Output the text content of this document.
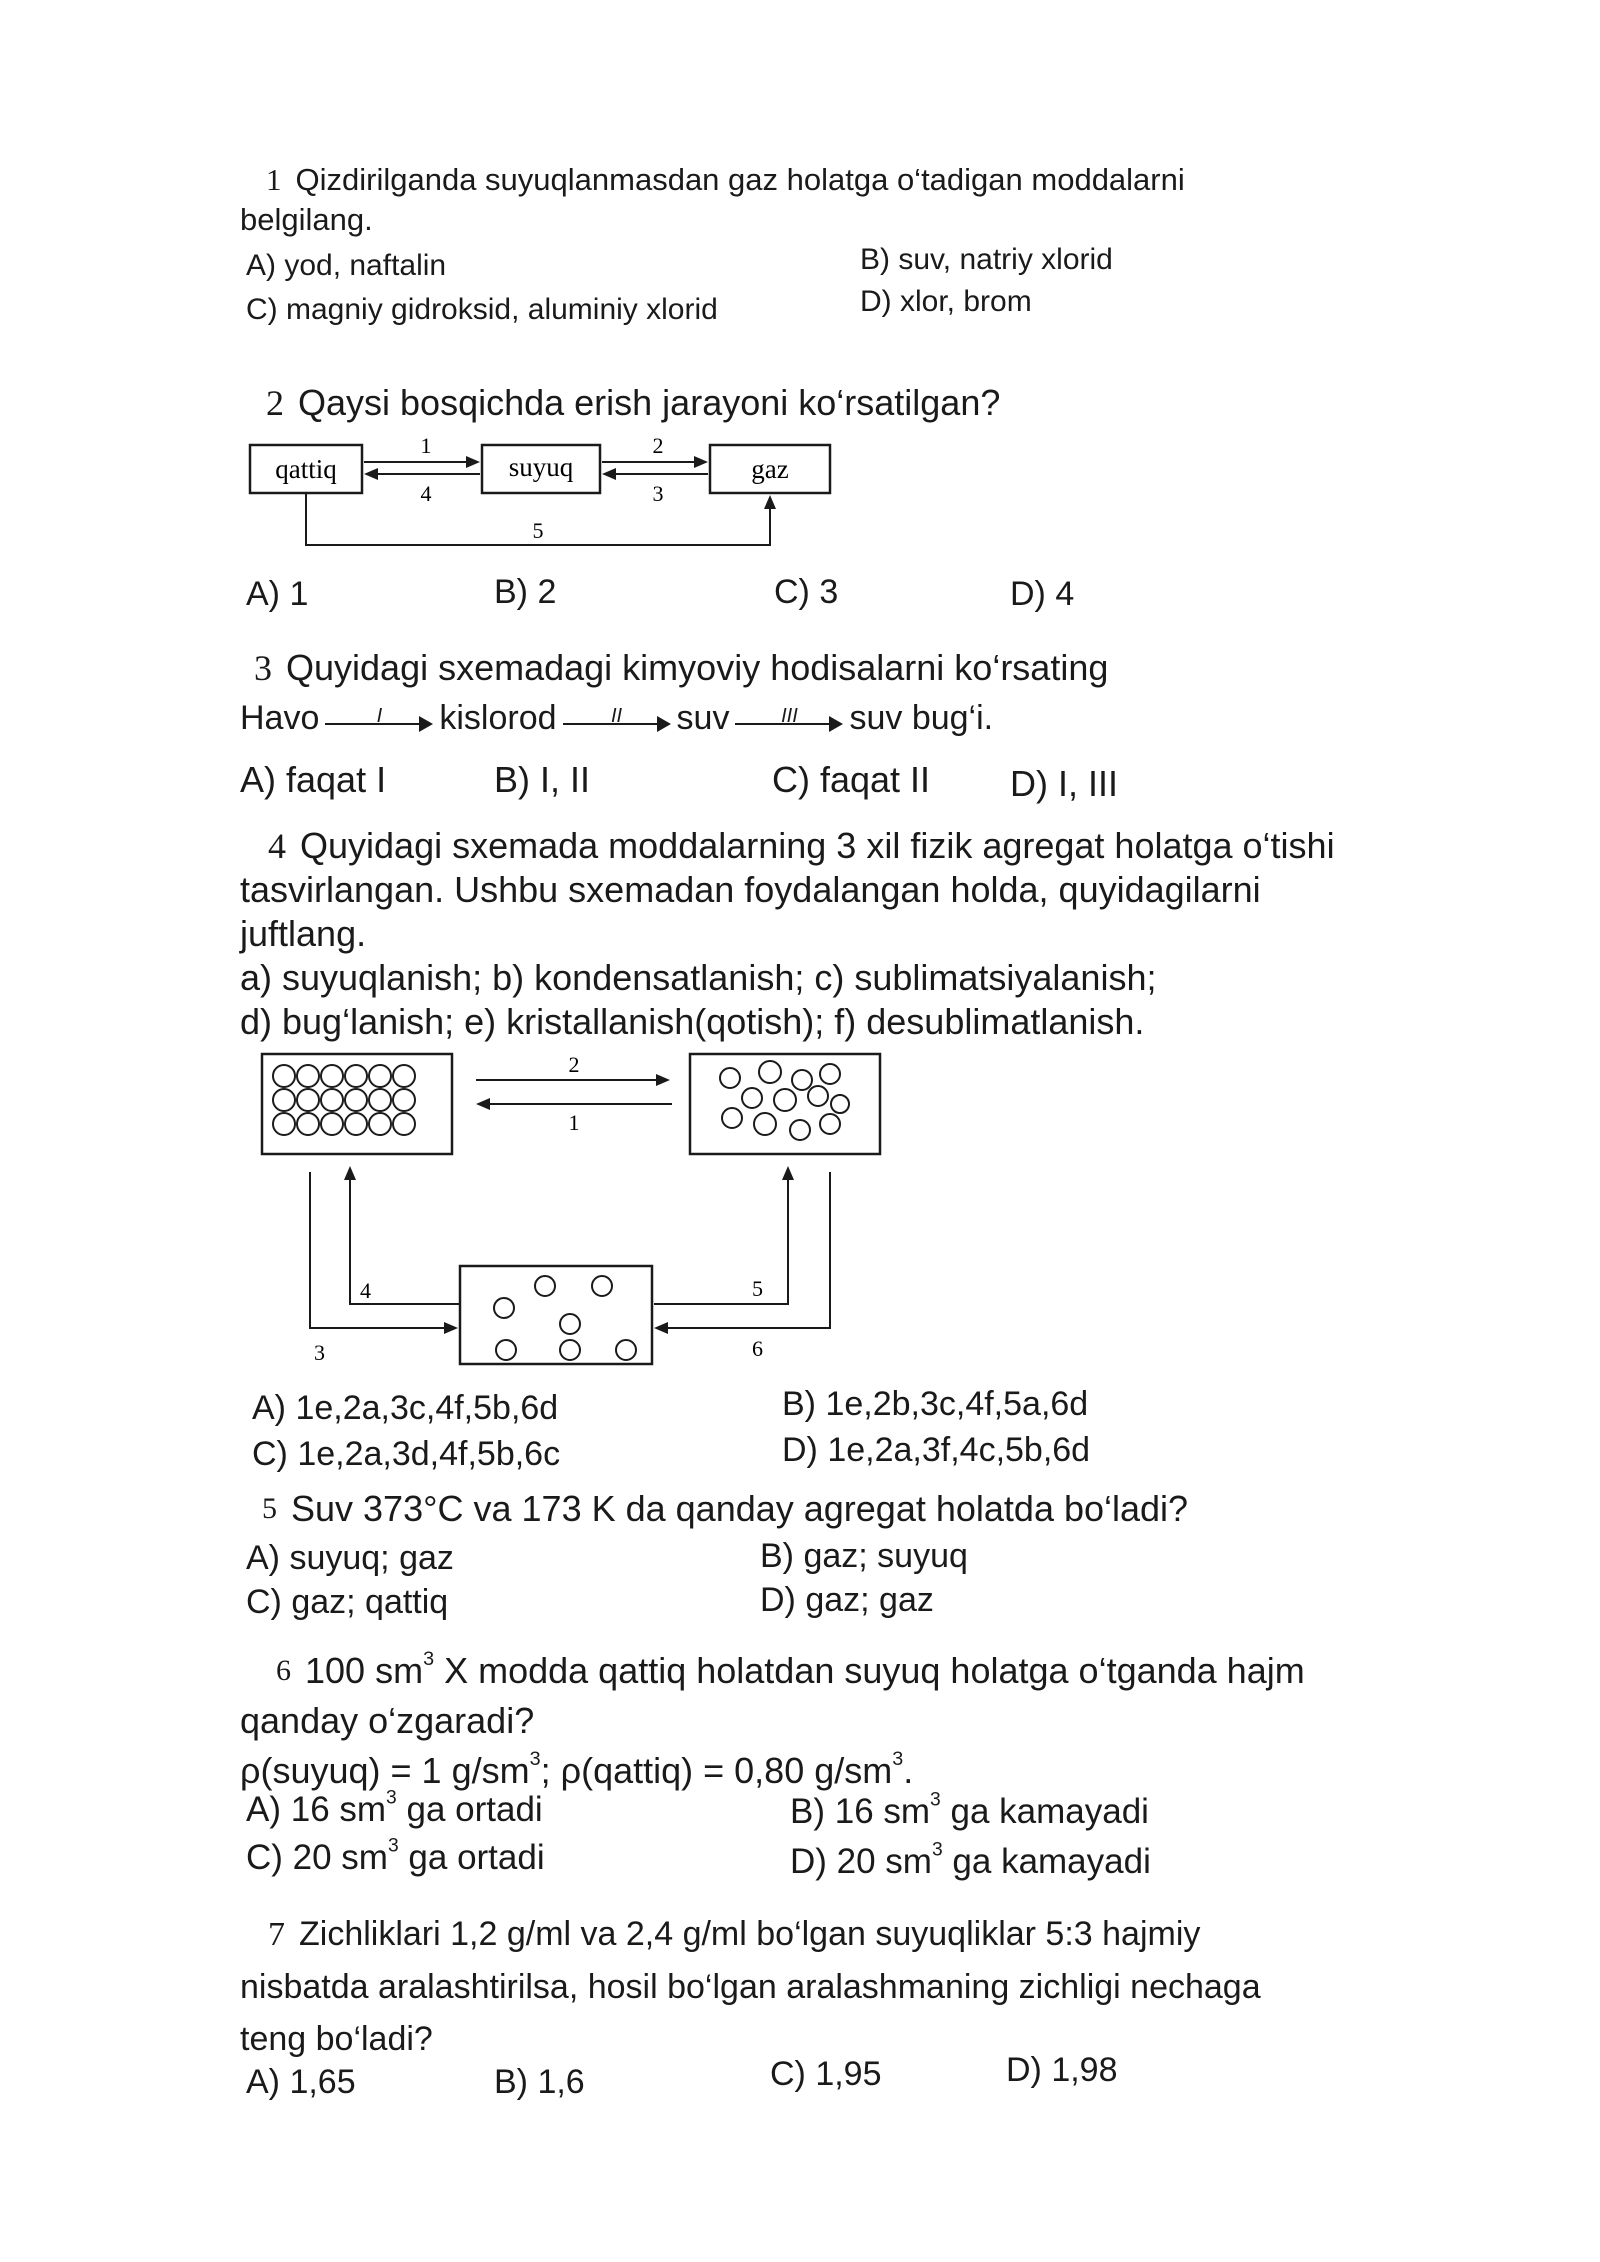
1 Qizdirilganda suyuqlanmasdan gaz holatga o‘tadigan moddalarni
belgilang.
A) yod, naftalin	B) suv, natriy xlorid
C) magniy gidroksid, aluminiy xlorid	D) xlor, brom
2 Qaysi bosqichda erish jarayoni ko‘rsatilgan?
qattiq	suyuq	gaz
1
4
2
3
5
A) 1	B) 2	C) 3	D) 4
3 Quyidagi sxemadagi kimyoviy hodisalarni ko‘rsating
Havo	I	kislorod	II	suv	III	suv bug‘i.
A) faqat I	B) I, II	C) faqat II D) I, III
4 Quyidagi sxemada moddalarning 3 xil fizik agregat holatga o‘tishi
tasvirlangan. Ushbu sxemadan foydalangan holda, quyidagilarni
juftlang.
a) suyuqlanish; b) kondensatlanish; c) sublimatsiyalanish;
d) bug‘lanish; e) kristallanish(qotish); f) desublimatlanish.
2
1
4
3
5
6
A) 1e,2a,3c,4f,5b,6d	B) 1e,2b,3c,4f,5a,6d
C) 1e,2a,3d,4f,5b,6c	D) 1e,2a,3f,4c,5b,6d
$^5$ Suv 373°C va 173 K da qanday agregat holatda bo‘ladi?
A) suyuq; gaz	B) gaz; suyuq
C) gaz; qattiq	D) gaz; gaz
$^6$ 100 $sm^3$ X modda qattiq holatdan suyuq holatga o‘tganda hajm
qanday o‘zgaradi?
ρ(suyuq) = 1 $g/sm^3$; ρ(qattiq) = 0,80 $g/sm^3$.
A) 16 $sm^3$ ga ortadi	B) 16 $sm^3$ ga kamayadi
C) 20 $sm^3$ ga ortadi	D) 20 $sm^3$ ga kamayadi
7 Zichliklari 1,2 g/ml va 2,4 g/ml bo‘lgan suyuqliklar 5:3 hajmiy
nisbatda aralashtirilsa, hosil bo‘lgan aralashmaning zichligi nechaga
teng bo‘ladi?
A) 1,65	B) 1,6	C) 1,95	D) 1,98
